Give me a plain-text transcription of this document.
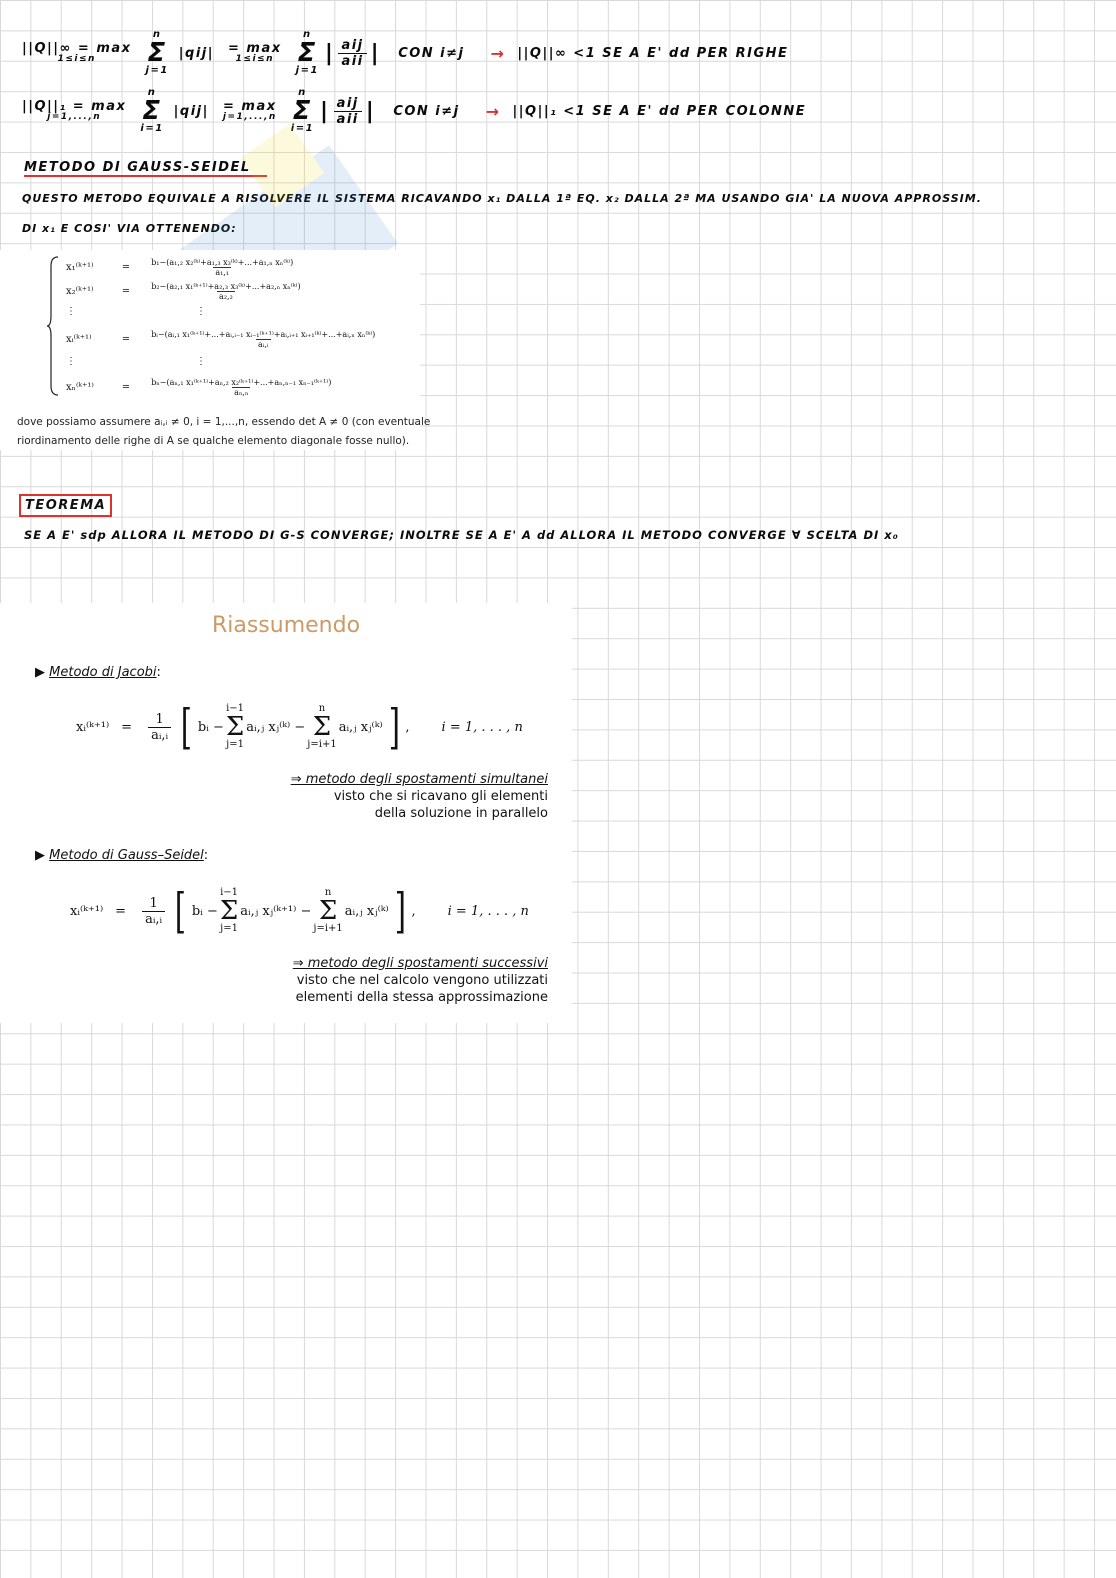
||Q||∞ = max
1≤i≤n
n
Σ
j=1
|qij| = max
1≤i≤n
n
Σ
j=1
| $\frac{\text{aij}}{\text{aii}}$ | CON i≠j → ||Q||∞ <1 SE A E' dd PER RIGHE
||Q||₁ = max
j=1,...,n
n
Σ
i=1
|qij| = max
j=1,...,n
n
Σ
i=1
| $\frac{\text{aij}}{\text{aii}}$ | CON i≠j → ||Q||₁ <1 SE A E' dd PER COLONNE
METODO DI GAUSS-SEIDEL
QUESTO METODO EQUIVALE A RISOLVERE IL SISTEMA RICAVANDO x₁ DALLA 1ª EQ. x₂ DALLA 2ª MA USANDO GIA' LA NUOVA APPROSSIM.
DI x₁ E COSI' VIA OTTENENDO:
x₁⁽ᵏ⁺¹⁾	= $\frac{\text{b₁−(a₁,₂ x₂⁽ᵏ⁾+a₁,₃ x₃⁽ᵏ⁾+...+a₁,ₙ xₙ⁽ᵏ⁾)}}{\text{a₁,₁}}$
x₂⁽ᵏ⁺¹⁾	= $\frac{\text{b₂−(a₂,₁ x₁⁽ᵏ⁺¹⁾+a₂,₃ x₃⁽ᵏ⁾+...+a₂,ₙ xₙ⁽ᵏ⁾)}}{\text{a₂,₂}}$
⋮	⋮
xᵢ⁽ᵏ⁺¹⁾	=	bᵢ−(aᵢ,₁ x₁⁽ᵏ⁺¹⁾+...+aᵢ,ᵢ₋₁ xᵢ₋₁⁽ᵏ⁺¹⁾+aᵢ,ᵢ₊₁ xᵢ₊₁⁽ᵏ⁾+...+aᵢ,ₙ xₙ⁽ᵏ⁾)
aᵢ,ᵢ
⋮	⋮
xₙ⁽ᵏ⁺¹⁾	= $\frac{\text{bₙ−(aₙ,₁ x₁⁽ᵏ⁺¹⁾+aₙ,₂ x₂⁽ᵏ⁺¹⁾+...+aₙ,ₙ₋₁ xₙ₋₁⁽ᵏ⁺¹⁾)}}{\text{aₙ,ₙ}}$
dove possiamo assumere aᵢ,ᵢ ≠ 0, i = 1,...,n, essendo det A ≠ 0 (con eventuale
riordinamento delle righe di A se qualche elemento diagonale fosse nullo).
TEOREMA
SE A E' sdp ALLORA IL METODO DI G-S CONVERGE; INOLTRE SE A E' A dd ALLORA IL METODO CONVERGE ∀ SCELTA DI x₀
Riassumendo
▶ Metodo di Jacobi:
xᵢ⁽ᵏ⁺¹⁾ = $\frac{1}{\text{aᵢ,ᵢ}}$ [ bᵢ −
i−1
Σ
j=1
aᵢ,ⱼ xⱼ⁽ᵏ⁾ −
n
Σ
j=i+1
aᵢ,ⱼ xⱼ⁽ᵏ⁾ ] , i = 1, . . . , n
⇒ metodo degli spostamenti simultanei
visto che si ricavano gli elementi
della soluzione in parallelo
▶ Metodo di Gauss–Seidel:
xᵢ⁽ᵏ⁺¹⁾ = $\frac{1}{\text{aᵢ,ᵢ}}$ [ bᵢ −
i−1
Σ
j=1
aᵢ,ⱼ xⱼ⁽ᵏ⁺¹⁾ −
n
Σ
j=i+1
aᵢ,ⱼ xⱼ⁽ᵏ⁾ ] , i = 1, . . . , n
⇒ metodo degli spostamenti successivi
visto che nel calcolo vengono utilizzati
elementi della stessa approssimazione
